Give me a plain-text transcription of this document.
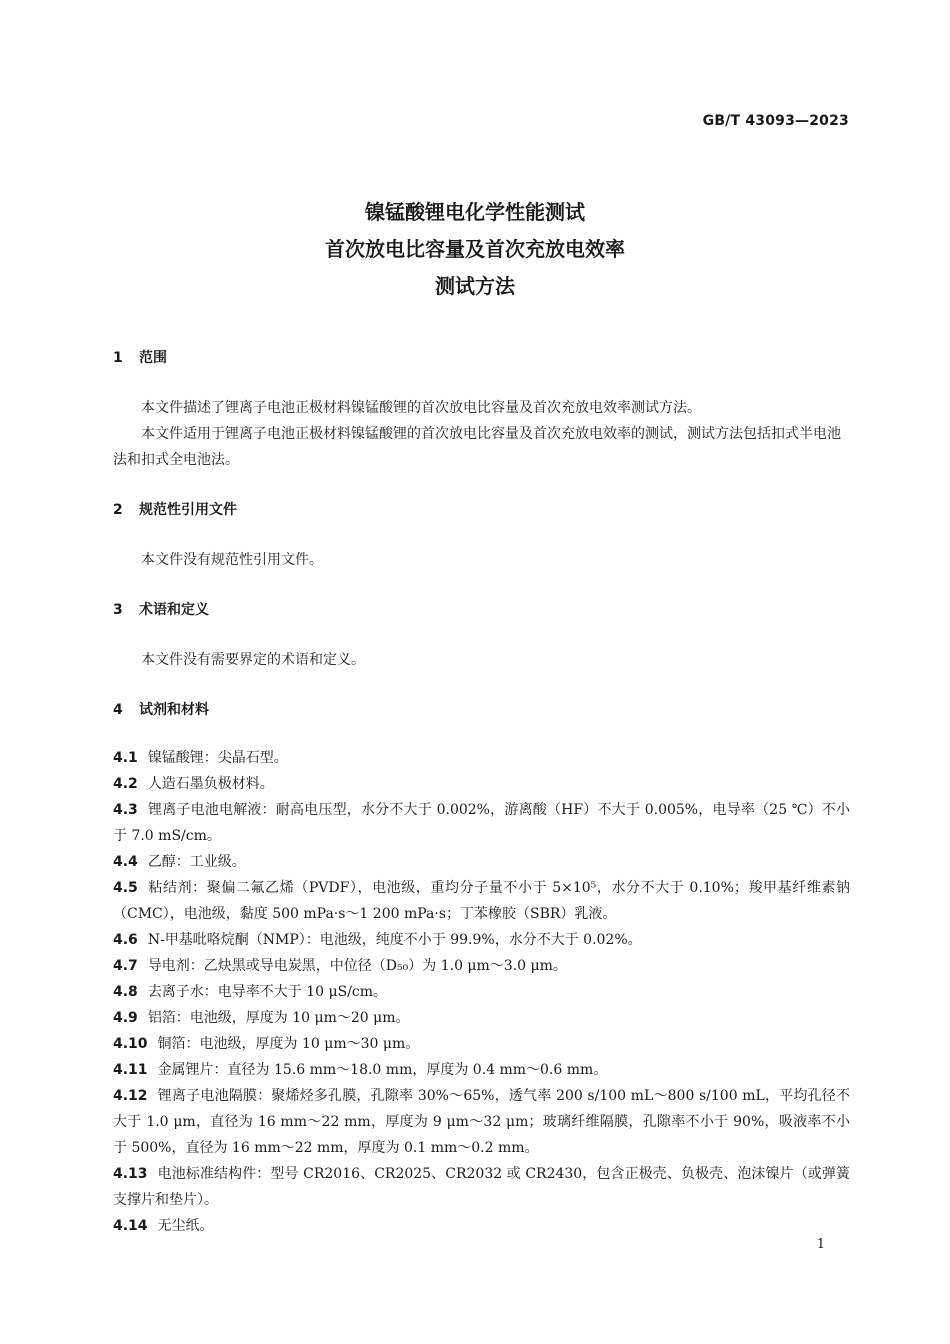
GB/T 43093—2023
镍锰酸锂电化学性能测试
首次放电比容量及首次充放电效率
测试方法
1 范围
本文件描述了锂离子电池正极材料镍锰酸锂的首次放电比容量及首次充放电效率测试方法。
本文件适用于锂离子电池正极材料镍锰酸锂的首次放电比容量及首次充放电效率的测试，测试方法包括扣式半电池法和扣式全电池法。
2 规范性引用文件
本文件没有规范性引用文件。
3 术语和定义
本文件没有需要界定的术语和定义。
4 试剂和材料
4.1 镍锰酸锂：尖晶石型。
4.2 人造石墨负极材料。
4.3 锂离子电池电解液：耐高电压型，水分不大于 0.002%，游离酸（HF）不大于 0.005%，电导率（25 ℃）不小于 7.0 mS/cm。
4.4 乙醇：工业级。
4.5 粘结剂：聚偏二氟乙烯（PVDF），电池级，重均分子量不小于 5×10⁵，水分不大于 0.10%；羧甲基纤维素钠（CMC），电池级，黏度 500 mPa·s～1 200 mPa·s；丁苯橡胶（SBR）乳液。
4.6 N-甲基吡咯烷酮（NMP）：电池级，纯度不小于 99.9%，水分不大于 0.02%。
4.7 导电剂：乙炔黑或导电炭黑，中位径（D₅₀）为 1.0 μm～3.0 μm。
4.8 去离子水：电导率不大于 10 μS/cm。
4.9 铝箔：电池级，厚度为 10 μm～20 μm。
4.10 铜箔：电池级，厚度为 10 μm～30 μm。
4.11 金属锂片：直径为 15.6 mm～18.0 mm，厚度为 0.4 mm～0.6 mm。
4.12 锂离子电池隔膜：聚烯烃多孔膜，孔隙率 30%～65%，透气率 200 s/100 mL～800 s/100 mL，平均孔径不大于 1.0 μm，直径为 16 mm～22 mm，厚度为 9 μm～32 μm；玻璃纤维隔膜，孔隙率不小于 90%，吸液率不小于 500%，直径为 16 mm～22 mm，厚度为 0.1 mm～0.2 mm。
4.13 电池标准结构件：型号 CR2016、CR2025、CR2032 或 CR2430，包含正极壳、负极壳、泡沫镍片（或弹簧支撑片和垫片）。
4.14 无尘纸。
1
